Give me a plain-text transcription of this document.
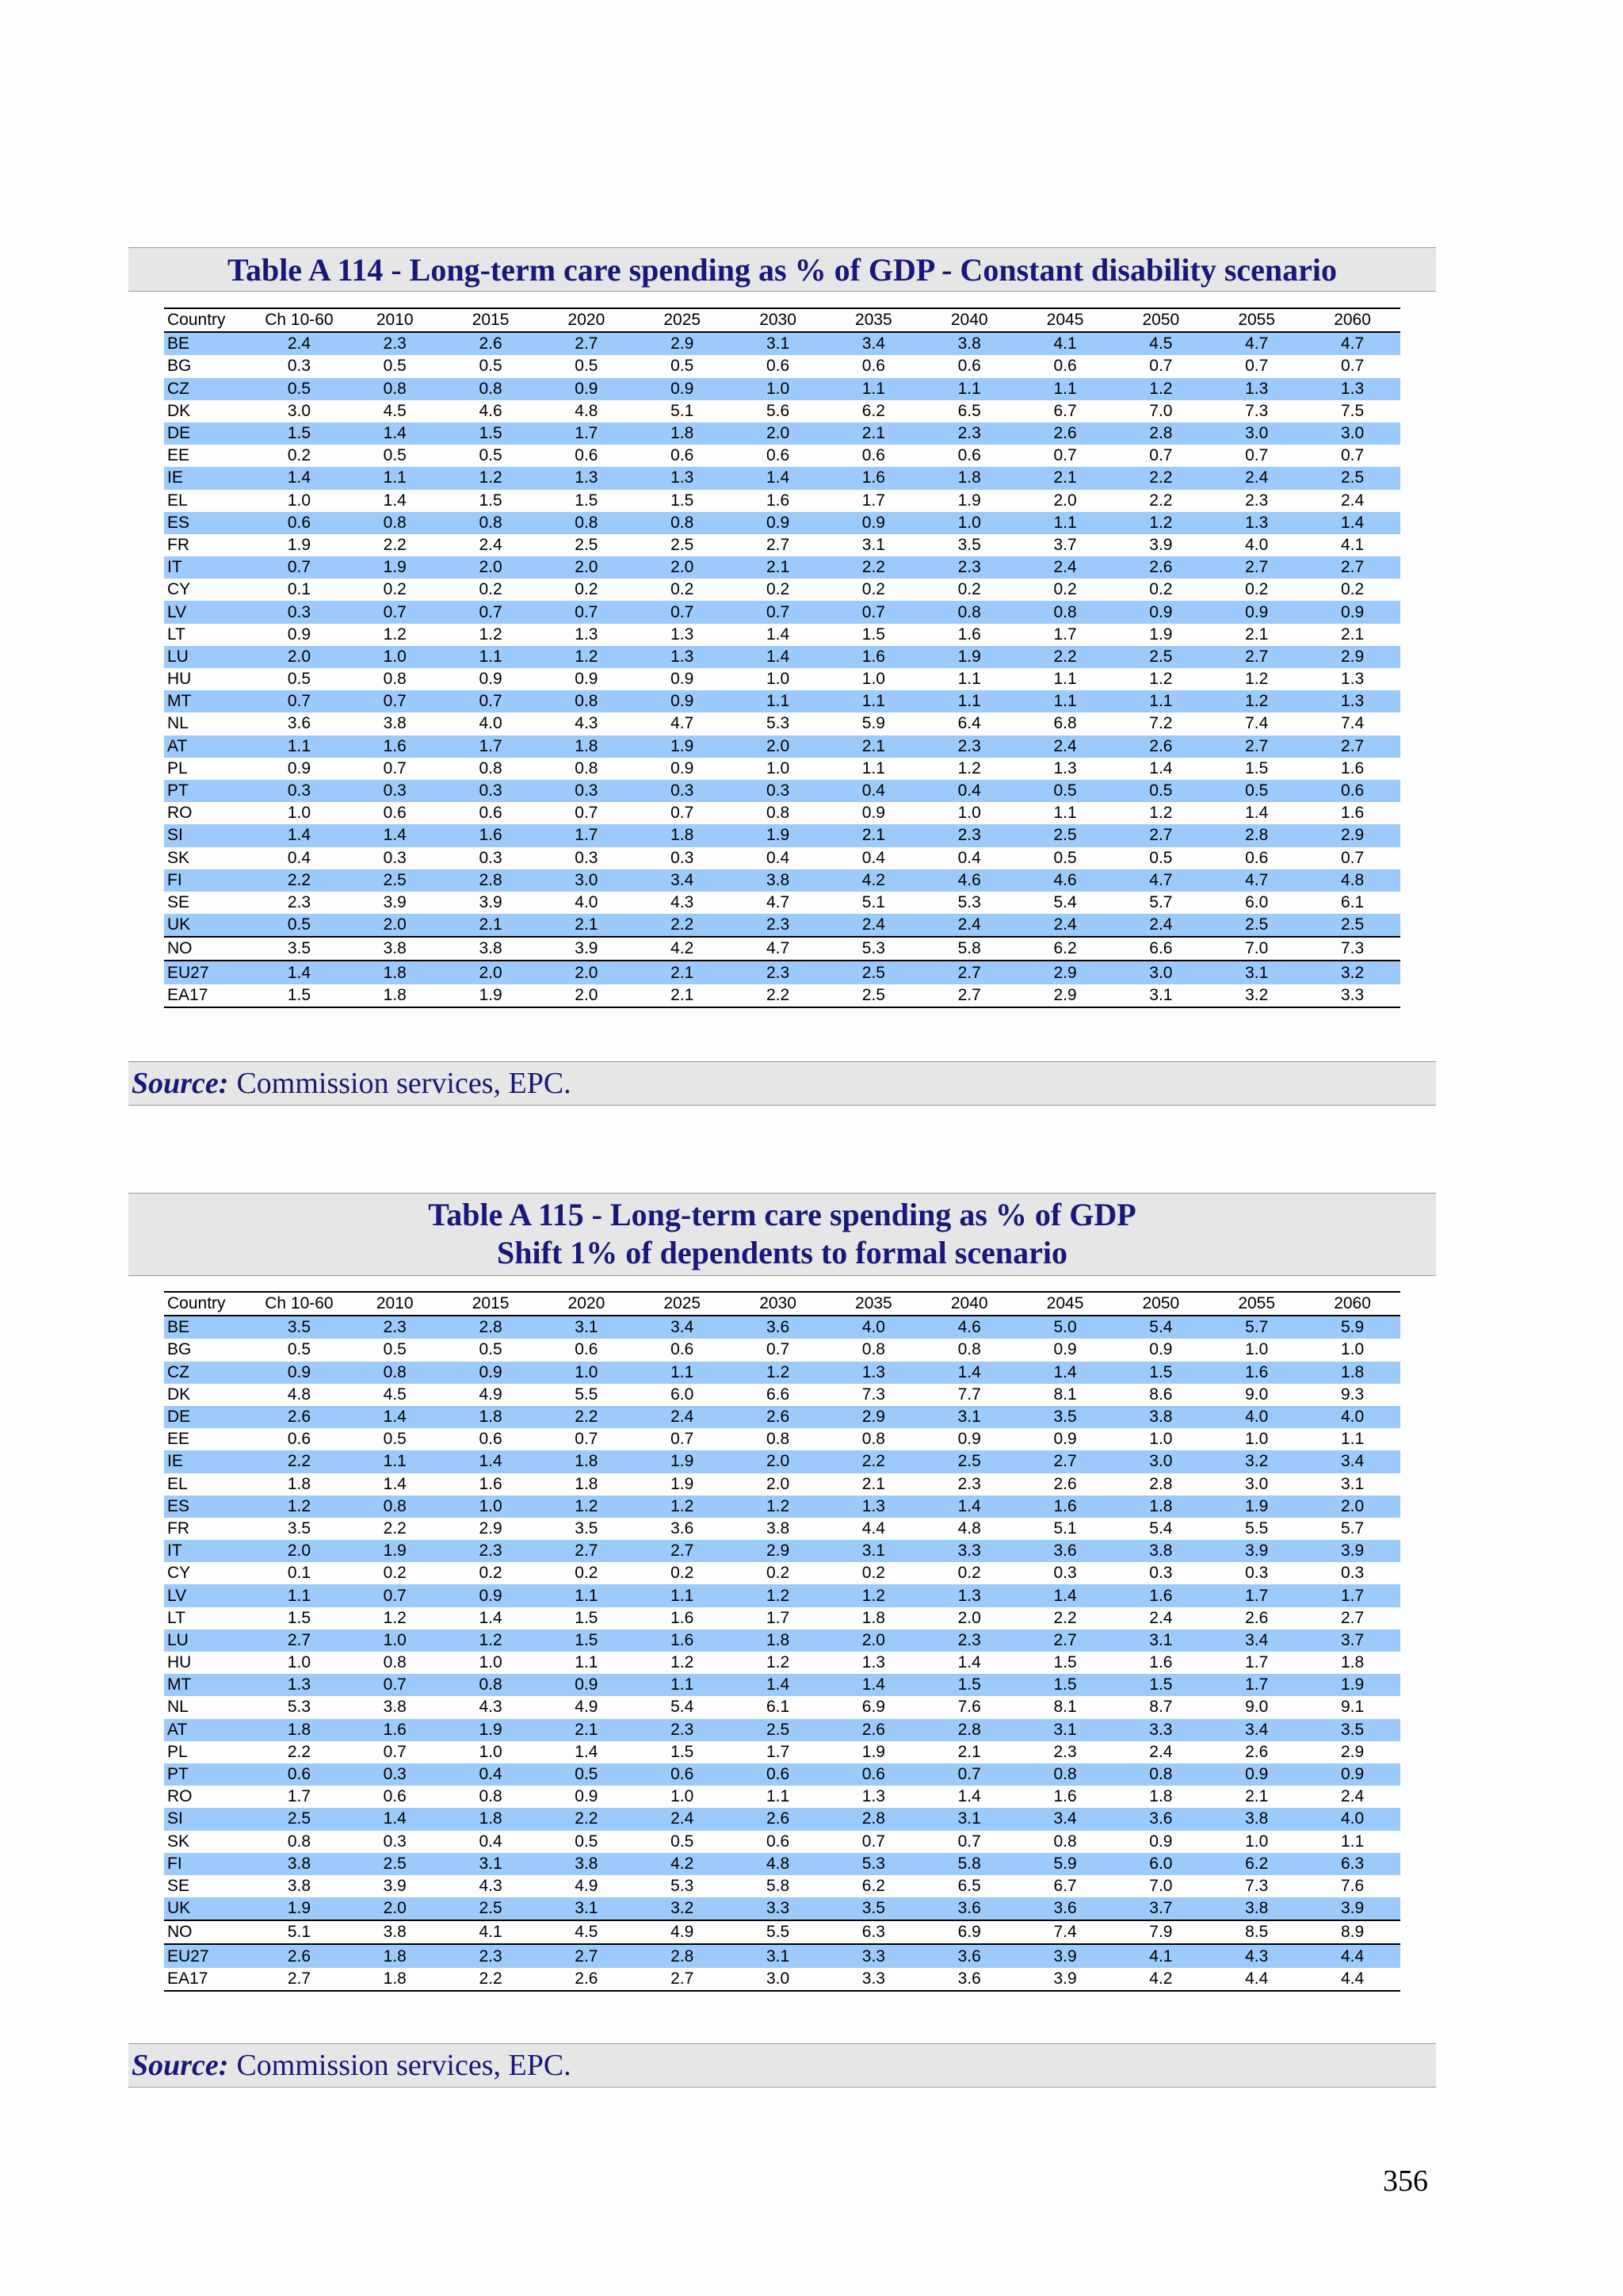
Table A 114 - Long-term care spending as % of GDP - Constant disability scenario
Country	Ch 10-60	2010	2015	2020	2025	2030	2035	2040	2045	2050	2055	2060
BE	2.4	2.3	2.6	2.7	2.9	3.1	3.4	3.8	4.1	4.5	4.7	4.7
BG	0.3	0.5	0.5	0.5	0.5	0.6	0.6	0.6	0.6	0.7	0.7	0.7
CZ	0.5	0.8	0.8	0.9	0.9	1.0	1.1	1.1	1.1	1.2	1.3	1.3
DK	3.0	4.5	4.6	4.8	5.1	5.6	6.2	6.5	6.7	7.0	7.3	7.5
DE	1.5	1.4	1.5	1.7	1.8	2.0	2.1	2.3	2.6	2.8	3.0	3.0
EE	0.2	0.5	0.5	0.6	0.6	0.6	0.6	0.6	0.7	0.7	0.7	0.7
IE	1.4	1.1	1.2	1.3	1.3	1.4	1.6	1.8	2.1	2.2	2.4	2.5
EL	1.0	1.4	1.5	1.5	1.5	1.6	1.7	1.9	2.0	2.2	2.3	2.4
ES	0.6	0.8	0.8	0.8	0.8	0.9	0.9	1.0	1.1	1.2	1.3	1.4
FR	1.9	2.2	2.4	2.5	2.5	2.7	3.1	3.5	3.7	3.9	4.0	4.1
IT	0.7	1.9	2.0	2.0	2.0	2.1	2.2	2.3	2.4	2.6	2.7	2.7
CY	0.1	0.2	0.2	0.2	0.2	0.2	0.2	0.2	0.2	0.2	0.2	0.2
LV	0.3	0.7	0.7	0.7	0.7	0.7	0.7	0.8	0.8	0.9	0.9	0.9
LT	0.9	1.2	1.2	1.3	1.3	1.4	1.5	1.6	1.7	1.9	2.1	2.1
LU	2.0	1.0	1.1	1.2	1.3	1.4	1.6	1.9	2.2	2.5	2.7	2.9
HU	0.5	0.8	0.9	0.9	0.9	1.0	1.0	1.1	1.1	1.2	1.2	1.3
MT	0.7	0.7	0.7	0.8	0.9	1.1	1.1	1.1	1.1	1.1	1.2	1.3
NL	3.6	3.8	4.0	4.3	4.7	5.3	5.9	6.4	6.8	7.2	7.4	7.4
AT	1.1	1.6	1.7	1.8	1.9	2.0	2.1	2.3	2.4	2.6	2.7	2.7
PL	0.9	0.7	0.8	0.8	0.9	1.0	1.1	1.2	1.3	1.4	1.5	1.6
PT	0.3	0.3	0.3	0.3	0.3	0.3	0.4	0.4	0.5	0.5	0.5	0.6
RO	1.0	0.6	0.6	0.7	0.7	0.8	0.9	1.0	1.1	1.2	1.4	1.6
SI	1.4	1.4	1.6	1.7	1.8	1.9	2.1	2.3	2.5	2.7	2.8	2.9
SK	0.4	0.3	0.3	0.3	0.3	0.4	0.4	0.4	0.5	0.5	0.6	0.7
FI	2.2	2.5	2.8	3.0	3.4	3.8	4.2	4.6	4.6	4.7	4.7	4.8
SE	2.3	3.9	3.9	4.0	4.3	4.7	5.1	5.3	5.4	5.7	6.0	6.1
UK	0.5	2.0	2.1	2.1	2.2	2.3	2.4	2.4	2.4	2.4	2.5	2.5
NO	3.5	3.8	3.8	3.9	4.2	4.7	5.3	5.8	6.2	6.6	7.0	7.3
EU27	1.4	1.8	2.0	2.0	2.1	2.3	2.5	2.7	2.9	3.0	3.1	3.2
EA17	1.5	1.8	1.9	2.0	2.1	2.2	2.5	2.7	2.9	3.1	3.2	3.3
Source: Commission services, EPC.
Table A 115 - Long-term care spending as % of GDP
Shift 1% of dependents to formal scenario
Country	Ch 10-60	2010	2015	2020	2025	2030	2035	2040	2045	2050	2055	2060
BE	3.5	2.3	2.8	3.1	3.4	3.6	4.0	4.6	5.0	5.4	5.7	5.9
BG	0.5	0.5	0.5	0.6	0.6	0.7	0.8	0.8	0.9	0.9	1.0	1.0
CZ	0.9	0.8	0.9	1.0	1.1	1.2	1.3	1.4	1.4	1.5	1.6	1.8
DK	4.8	4.5	4.9	5.5	6.0	6.6	7.3	7.7	8.1	8.6	9.0	9.3
DE	2.6	1.4	1.8	2.2	2.4	2.6	2.9	3.1	3.5	3.8	4.0	4.0
EE	0.6	0.5	0.6	0.7	0.7	0.8	0.8	0.9	0.9	1.0	1.0	1.1
IE	2.2	1.1	1.4	1.8	1.9	2.0	2.2	2.5	2.7	3.0	3.2	3.4
EL	1.8	1.4	1.6	1.8	1.9	2.0	2.1	2.3	2.6	2.8	3.0	3.1
ES	1.2	0.8	1.0	1.2	1.2	1.2	1.3	1.4	1.6	1.8	1.9	2.0
FR	3.5	2.2	2.9	3.5	3.6	3.8	4.4	4.8	5.1	5.4	5.5	5.7
IT	2.0	1.9	2.3	2.7	2.7	2.9	3.1	3.3	3.6	3.8	3.9	3.9
CY	0.1	0.2	0.2	0.2	0.2	0.2	0.2	0.2	0.3	0.3	0.3	0.3
LV	1.1	0.7	0.9	1.1	1.1	1.2	1.2	1.3	1.4	1.6	1.7	1.7
LT	1.5	1.2	1.4	1.5	1.6	1.7	1.8	2.0	2.2	2.4	2.6	2.7
LU	2.7	1.0	1.2	1.5	1.6	1.8	2.0	2.3	2.7	3.1	3.4	3.7
HU	1.0	0.8	1.0	1.1	1.2	1.2	1.3	1.4	1.5	1.6	1.7	1.8
MT	1.3	0.7	0.8	0.9	1.1	1.4	1.4	1.5	1.5	1.5	1.7	1.9
NL	5.3	3.8	4.3	4.9	5.4	6.1	6.9	7.6	8.1	8.7	9.0	9.1
AT	1.8	1.6	1.9	2.1	2.3	2.5	2.6	2.8	3.1	3.3	3.4	3.5
PL	2.2	0.7	1.0	1.4	1.5	1.7	1.9	2.1	2.3	2.4	2.6	2.9
PT	0.6	0.3	0.4	0.5	0.6	0.6	0.6	0.7	0.8	0.8	0.9	0.9
RO	1.7	0.6	0.8	0.9	1.0	1.1	1.3	1.4	1.6	1.8	2.1	2.4
SI	2.5	1.4	1.8	2.2	2.4	2.6	2.8	3.1	3.4	3.6	3.8	4.0
SK	0.8	0.3	0.4	0.5	0.5	0.6	0.7	0.7	0.8	0.9	1.0	1.1
FI	3.8	2.5	3.1	3.8	4.2	4.8	5.3	5.8	5.9	6.0	6.2	6.3
SE	3.8	3.9	4.3	4.9	5.3	5.8	6.2	6.5	6.7	7.0	7.3	7.6
UK	1.9	2.0	2.5	3.1	3.2	3.3	3.5	3.6	3.6	3.7	3.8	3.9
NO	5.1	3.8	4.1	4.5	4.9	5.5	6.3	6.9	7.4	7.9	8.5	8.9
EU27	2.6	1.8	2.3	2.7	2.8	3.1	3.3	3.6	3.9	4.1	4.3	4.4
EA17	2.7	1.8	2.2	2.6	2.7	3.0	3.3	3.6	3.9	4.2	4.4	4.4
Source: Commission services, EPC.
356
